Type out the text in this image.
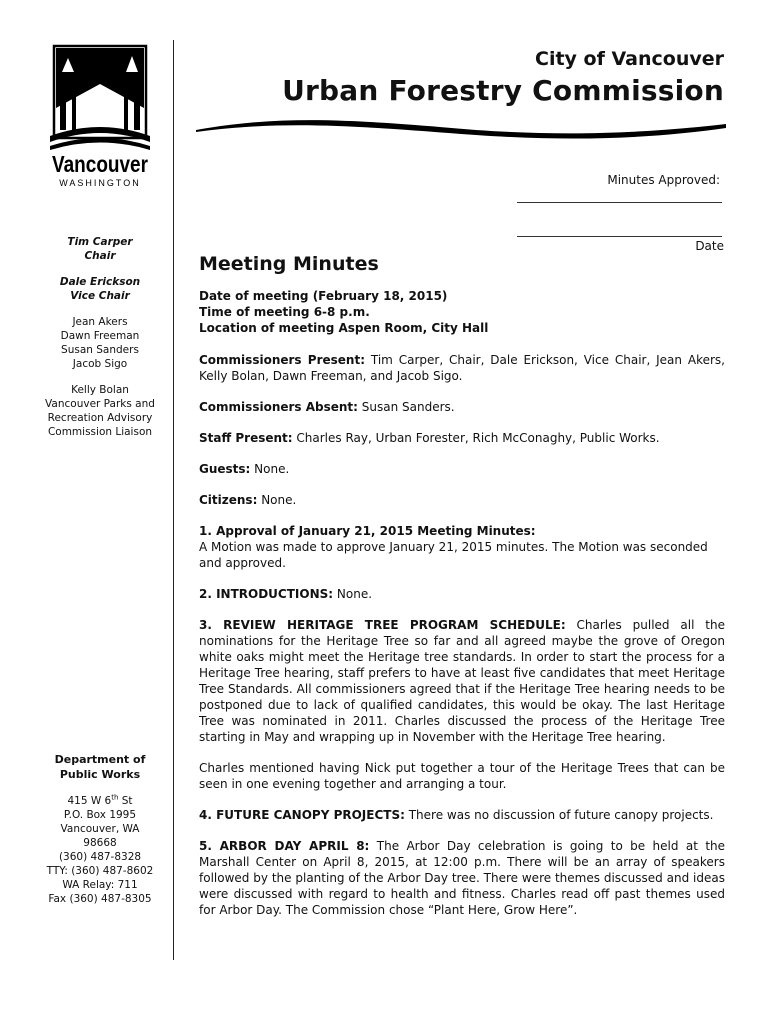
Vancouver
WASHINGTON
Tim Carper
Chair
Dale Erickson
Vice Chair
Jean Akers
Dawn Freeman
Susan Sanders
Jacob Sigo
Kelly Bolan
Vancouver Parks and
Recreation Advisory
Commission Liaison
Department of
Public Works
415 W 6th St
P.O. Box 1995
Vancouver, WA
98668
(360) 487-8328
TTY: (360) 487-8602
WA Relay: 711
Fax (360) 487-8305
City of Vancouver
Urban Forestry Commission
Minutes Approved:
Date
Meeting Minutes
Date of meeting (February 18, 2015)
Time of meeting 6-8 p.m.
Location of meeting Aspen Room, City Hall

Commissioners Present: Tim Carper, Chair, Dale Erickson, Vice Chair, Jean Akers, Kelly Bolan, Dawn Freeman, and Jacob Sigo.

Commissioners Absent: Susan Sanders.

Staff Present: Charles Ray, Urban Forester, Rich McConaghy, Public Works.

Guests: None.

Citizens: None.

1. Approval of January 21, 2015 Meeting Minutes:
A Motion was made to approve January 21, 2015 minutes. The Motion was seconded and approved.

2. INTRODUCTIONS: None.

3. REVIEW HERITAGE TREE PROGRAM SCHEDULE: Charles pulled all the nominations for the Heritage Tree so far and all agreed maybe the grove of Oregon white oaks might meet the Heritage tree standards. In order to start the process for a Heritage Tree hearing, staff prefers to have at least five candidates that meet Heritage Tree Standards. All commissioners agreed that if the Heritage Tree hearing needs to be postponed due to lack of qualified candidates, this would be okay. The last Heritage Tree was nominated in 2011. Charles discussed the process of the Heritage Tree starting in May and wrapping up in November with the Heritage Tree hearing.

Charles mentioned having Nick put together a tour of the Heritage Trees that can be seen in one evening together and arranging a tour.

4. FUTURE CANOPY PROJECTS: There was no discussion of future canopy projects.

5. ARBOR DAY APRIL 8: The Arbor Day celebration is going to be held at the Marshall Center on April 8, 2015, at 12:00 p.m. There will be an array of speakers followed by the planting of the Arbor Day tree. There were themes discussed and ideas were discussed with regard to health and fitness. Charles read off past themes used for Arbor Day. The Commission chose “Plant Here, Grow Here”.
